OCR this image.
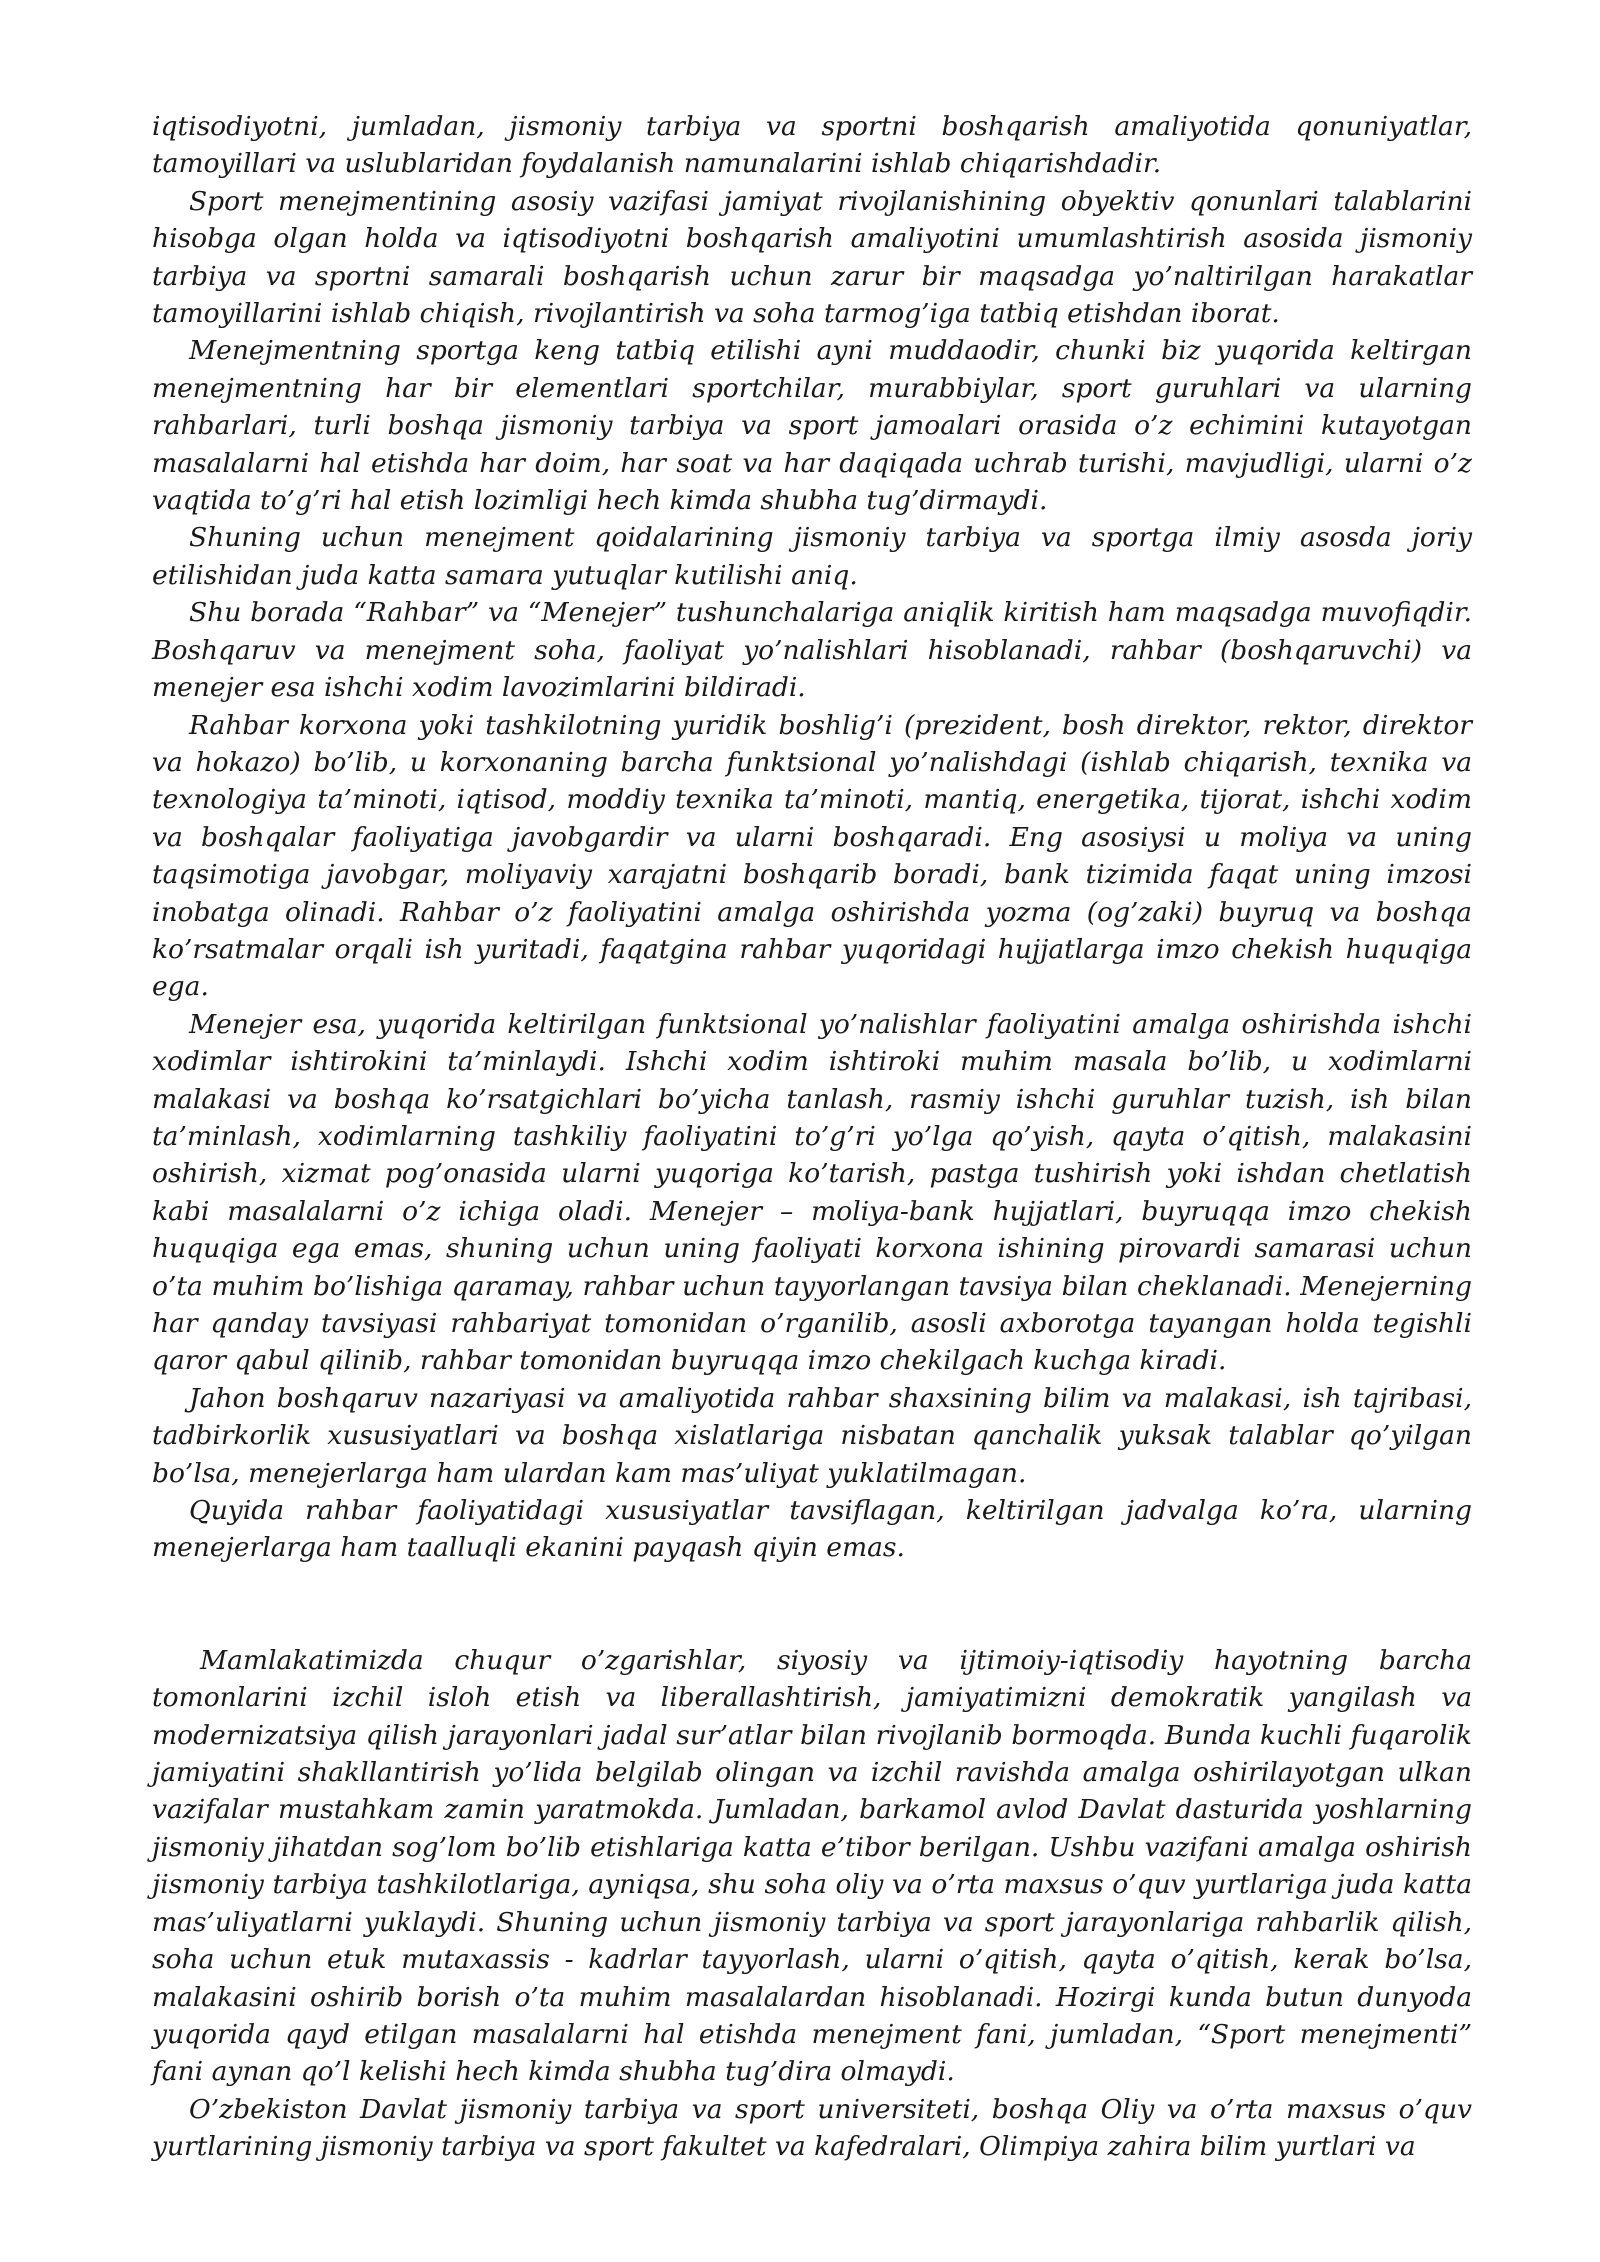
iqtisodiyotni, jumladan, jismoniy tarbiya va sportni boshqarish amaliyotida qonuniyatlar, tamoyillari va uslublaridan foydalanish namunalarini ishlab chiqarishdadir.

Sport menejmentining asosiy vazifasi jamiyat rivojlanishining obyektiv qonunlari talablarini hisobga olgan holda va iqtisodiyotni boshqarish amaliyotini umumlashtirish asosida jismoniy tarbiya va sportni samarali boshqarish uchun zarur bir maqsadga yo’naltirilgan harakatlar tamoyillarini ishlab chiqish, rivojlantirish va soha tarmog’iga tatbiq etishdan iborat.

Menejmentning sportga keng tatbiq etilishi ayni muddaodir, chunki biz yuqorida keltirgan menejmentning har bir elementlari sportchilar, murabbiylar, sport guruhlari va ularning rahbarlari, turli boshqa jismoniy tarbiya va sport jamoalari orasida o’z echimini kutayotgan masalalarni hal etishda har doim, har soat va har daqiqada uchrab turishi, mavjudligi, ularni o’z vaqtida to’g’ri hal etish lozimligi hech kimda shubha tug’dirmaydi.

Shuning uchun menejment qoidalarining jismoniy tarbiya va sportga ilmiy asosda joriy etilishidan juda katta samara yutuqlar kutilishi aniq.

Shu borada “Rahbar” va “Menejer” tushunchalariga aniqlik kiritish ham maqsadga muvofiqdir. Boshqaruv va menejment soha, faoliyat yo’nalishlari hisoblanadi, rahbar (boshqaruvchi) va menejer esa ishchi xodim lavozimlarini bildiradi.

Rahbar korxona yoki tashkilotning yuridik boshlig’i (prezident, bosh direktor, rektor, direktor va hokazo) bo’lib, u korxonaning barcha funktsional yo’nalishdagi (ishlab chiqarish, texnika va texnologiya ta’minoti, iqtisod, moddiy texnika ta’minoti, mantiq, energetika, tijorat, ishchi xodim va boshqalar faoliyatiga javobgardir va ularni boshqaradi. Eng asosiysi u moliya va uning taqsimotiga javobgar, moliyaviy xarajatni boshqarib boradi, bank tizimida faqat uning imzosi inobatga olinadi. Rahbar o’z faoliyatini amalga oshirishda yozma (og’zaki) buyruq va boshqa ko’rsatmalar orqali ish yuritadi, faqatgina rahbar yuqoridagi hujjatlarga imzo chekish huquqiga ega.

Menejer esa, yuqorida keltirilgan funktsional yo’nalishlar faoliyatini amalga oshirishda ishchi xodimlar ishtirokini ta’minlaydi. Ishchi xodim ishtiroki muhim masala bo’lib, u xodimlarni malakasi va boshqa ko’rsatgichlari bo’yicha tanlash, rasmiy ishchi guruhlar tuzish, ish bilan ta’minlash, xodimlarning tashkiliy faoliyatini to’g’ri yo’lga qo’yish, qayta o’qitish, malakasini oshirish, xizmat pog’onasida ularni yuqoriga ko’tarish, pastga tushirish yoki ishdan chetlatish kabi masalalarni o’z ichiga oladi. Menejer – moliya-bank hujjatlari, buyruqqa imzo chekish huquqiga ega emas, shuning uchun uning faoliyati korxona ishining pirovardi samarasi uchun o’ta muhim bo’lishiga qaramay, rahbar uchun tayyorlangan tavsiya bilan cheklanadi. Menejerning har qanday tavsiyasi rahbariyat tomonidan o’rganilib, asosli axborotga tayangan holda tegishli qaror qabul qilinib, rahbar tomonidan buyruqqa imzo chekilgach kuchga kiradi.

Jahon boshqaruv nazariyasi va amaliyotida rahbar shaxsining bilim va malakasi, ish tajribasi, tadbirkorlik xususiyatlari va boshqa xislatlariga nisbatan qanchalik yuksak talablar qo’yilgan bo’lsa, menejerlarga ham ulardan kam mas’uliyat yuklatilmagan.

Quyida rahbar faoliyatidagi xususiyatlar tavsiflagan, keltirilgan jadvalga ko’ra, ularning menejerlarga ham taalluqli ekanini payqash qiyin emas.

Mamlakatimizda chuqur o’zgarishlar, siyosiy va ijtimoiy-iqtisodiy hayotning barcha tomonlarini izchil isloh etish va liberallashtirish, jamiyatimizni demokratik yangilash va modernizatsiya qilish jarayonlari jadal sur’atlar bilan rivojlanib bormoqda. Bunda kuchli fuqarolik jamiyatini shakllantirish yo’lida belgilab olingan va izchil ravishda amalga oshirilayotgan ulkan vazifalar mustahkam zamin yaratmokda. Jumladan, barkamol avlod Davlat dasturida yoshlarning jismoniy jihatdan sog’lom bo’lib etishlariga katta e’tibor berilgan. Ushbu vazifani amalga oshirish jismoniy tarbiya tashkilotlariga, ayniqsa, shu soha oliy va o’rta maxsus o’quv yurtlariga juda katta mas’uliyatlarni yuklaydi. Shuning uchun jismoniy tarbiya va sport jarayonlariga rahbarlik qilish, soha uchun etuk mutaxassis - kadrlar tayyorlash, ularni o’qitish, qayta o’qitish, kerak bo’lsa, malakasini oshirib borish o’ta muhim masalalardan hisoblanadi. Hozirgi kunda butun dunyoda yuqorida qayd etilgan masalalarni hal etishda menejment fani, jumladan, “Sport menejmenti” fani aynan qo’l kelishi hech kimda shubha tug’dira olmaydi.

O’zbekiston Davlat jismoniy tarbiya va sport universiteti, boshqa Oliy va o’rta maxsus o’quv yurtlarining jismoniy tarbiya va sport fakultet va kafedralari, Olimpiya zahira bilim yurtlari va
